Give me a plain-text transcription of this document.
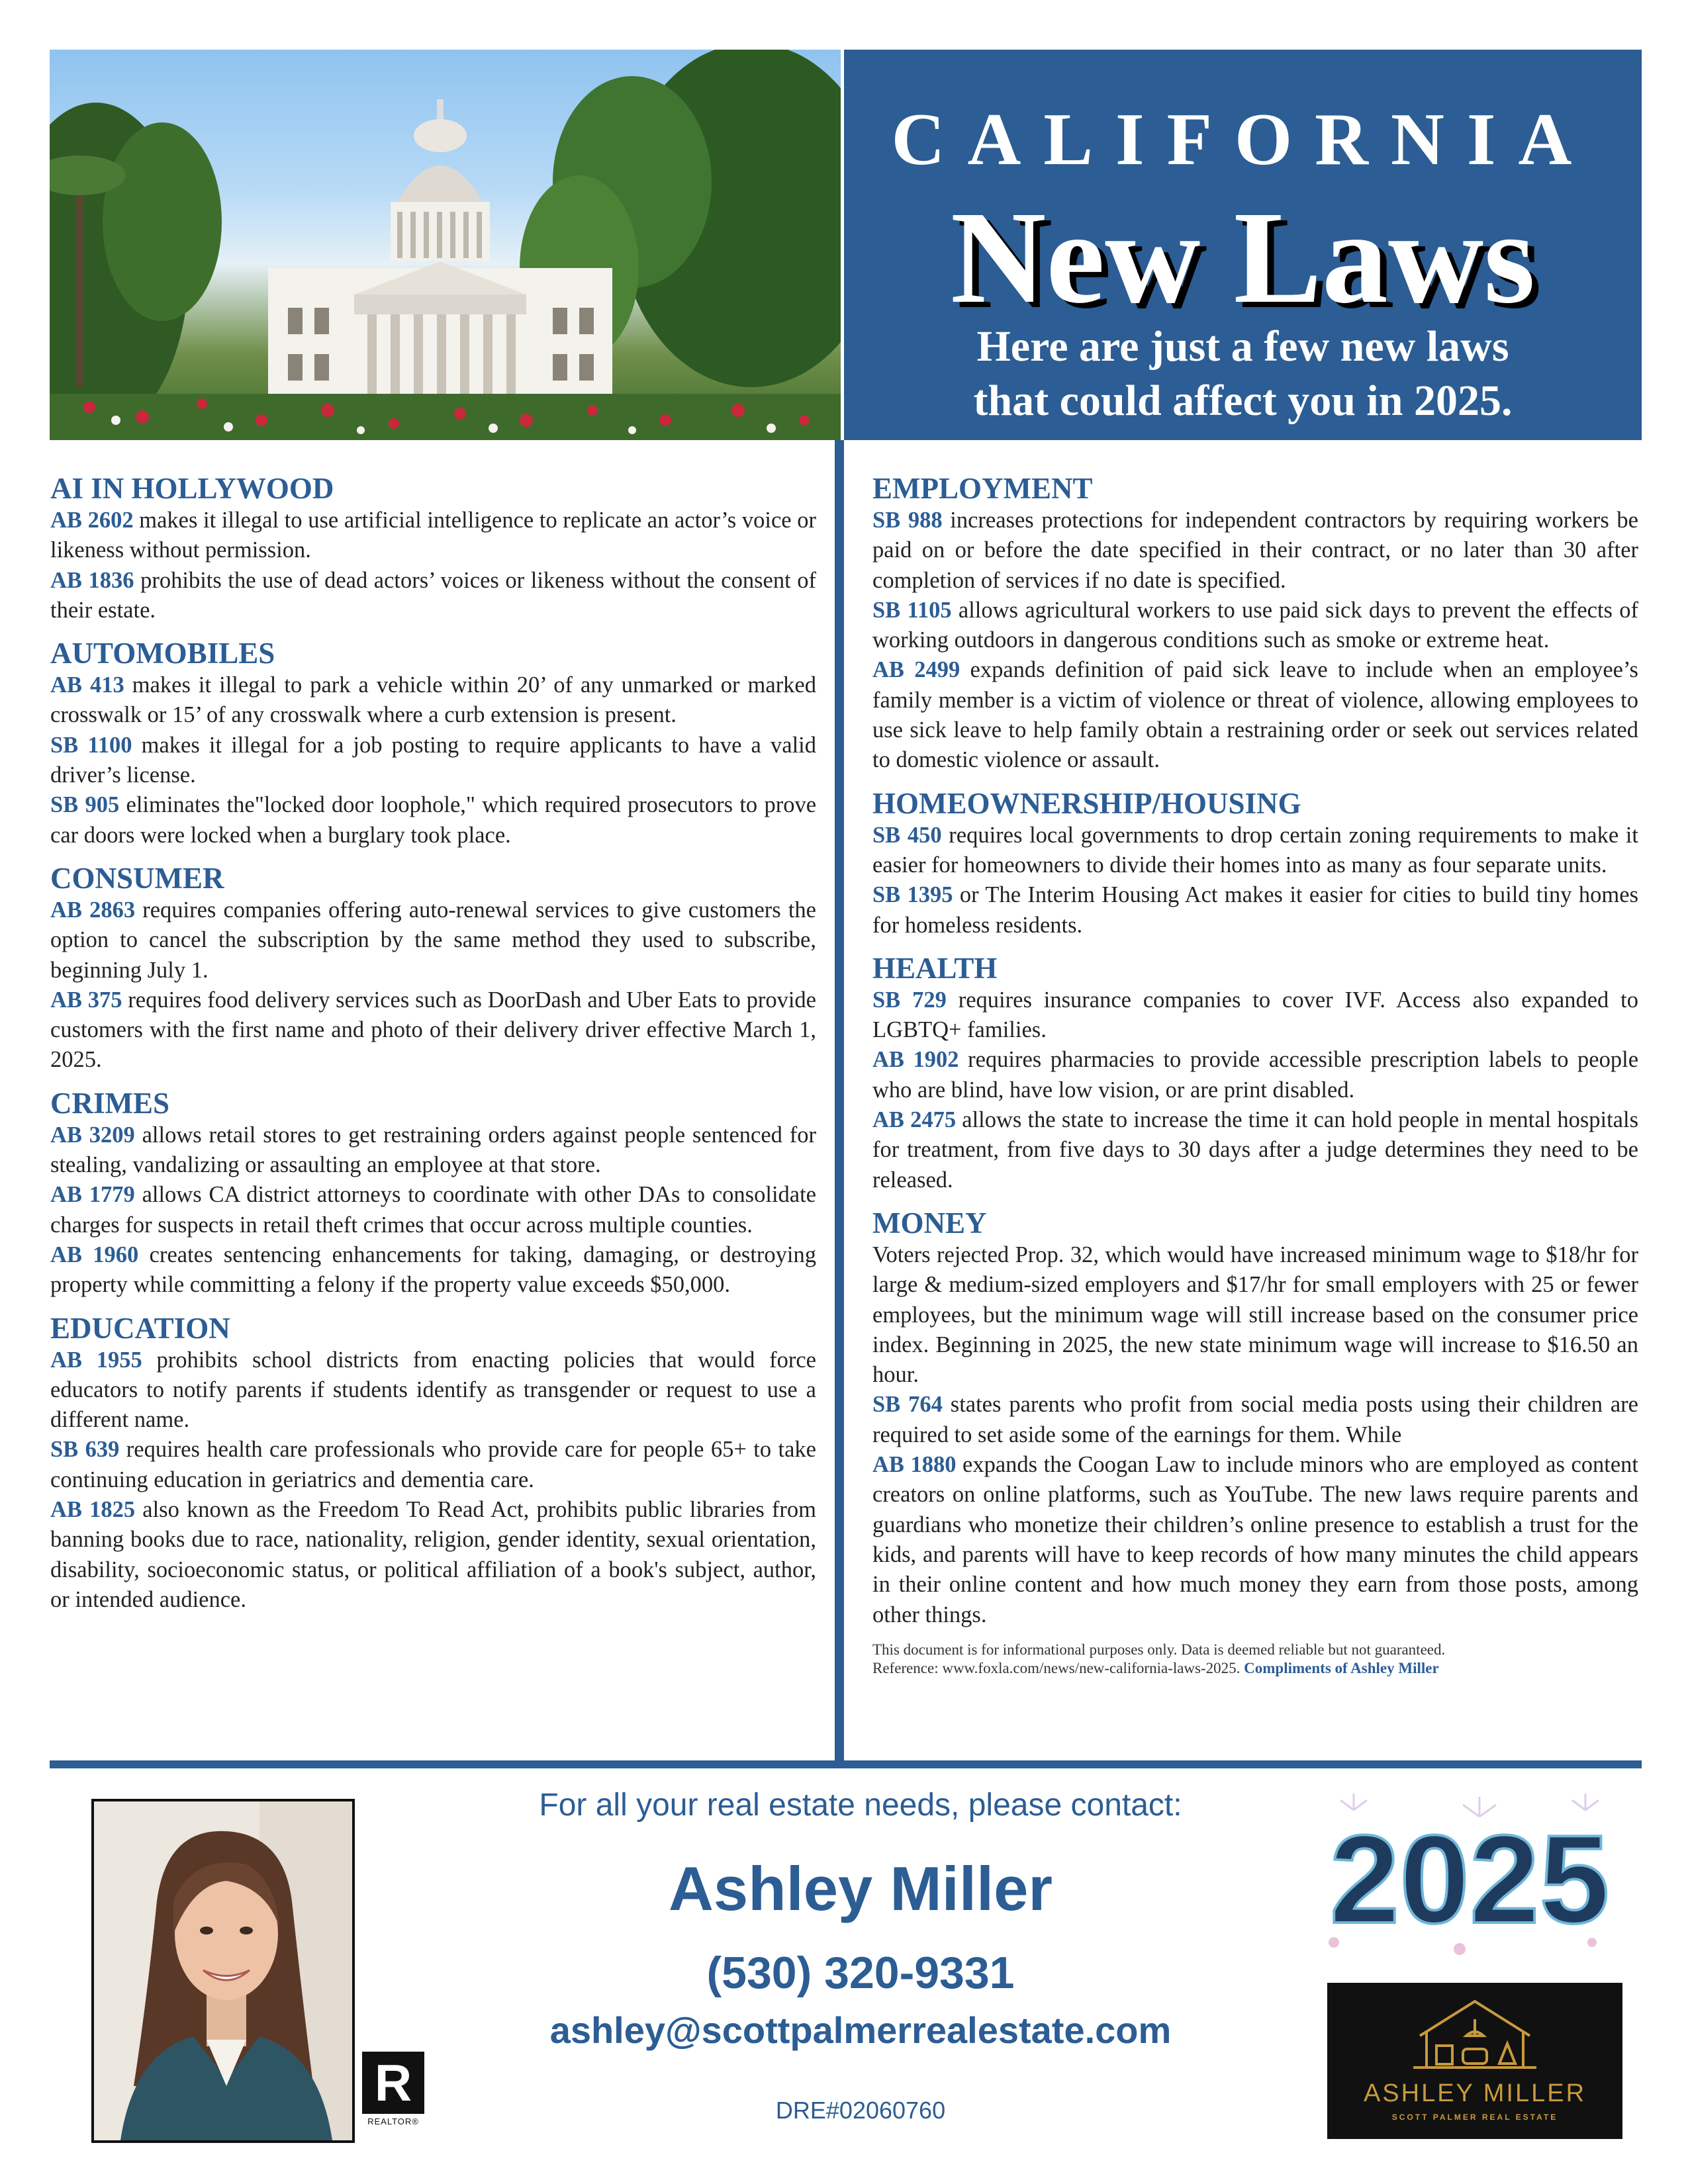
CALIFORNIA
New Laws
Here are just a few new laws
that could affect you in 2025.
AI IN HOLLYWOOD

AB 2602 makes it illegal to use artificial intelligence to replicate an actor’s voice or likeness without permission.

AB 1836 prohibits the use of dead actors’ voices or likeness without the consent of their estate.

AUTOMOBILES

AB 413 makes it illegal to park a vehicle within 20’ of any unmarked or marked crosswalk or 15’ of any crosswalk where a curb extension is present.

SB 1100 makes it illegal for a job posting to require applicants to have a valid driver’s license.

SB 905 eliminates the"locked door loophole," which required prosecutors to prove car doors were locked when a burglary took place.

CONSUMER

AB 2863 requires companies offering auto-renewal services to give customers the option to cancel the subscription by the same method they used to subscribe, beginning July 1.

AB 375 requires food delivery services such as DoorDash and Uber Eats to provide customers with the first name and photo of their delivery driver effective March 1, 2025.

CRIMES

AB 3209 allows retail stores to get restraining orders against people sentenced for stealing, vandalizing or assaulting an employee at that store.

AB 1779 allows CA district attorneys to coordinate with other DAs to consolidate charges for suspects in retail theft crimes that occur across multiple counties.

AB 1960 creates sentencing enhancements for taking, damaging, or destroying property while committing a felony if the property value exceeds $50,000.

EDUCATION

AB 1955 prohibits school districts from enacting policies that would force educators to notify parents if students identify as transgender or request to use a different name.

SB 639 requires health care professionals who provide care for people 65+ to take continuing education in geriatrics and dementia care.

AB 1825 also known as the Freedom To Read Act, prohibits public libraries from banning books due to race, nationality, religion, gender identity, sexual orientation, disability, socioeconomic status, or political affiliation of a book's subject, author, or intended audience.

EMPLOYMENT

SB 988 increases protections for independent contractors by requiring workers be paid on or before the date specified in their contract, or no later than 30 after completion of services if no date is specified.

SB 1105 allows agricultural workers to use paid sick days to prevent the effects of working outdoors in dangerous conditions such as smoke or extreme heat.

AB 2499 expands definition of paid sick leave to include when an employee’s family member is a victim of violence or threat of violence, allowing employees to use sick leave to help family obtain a restraining order or seek out services related to domestic violence or assault.

HOMEOWNERSHIP/HOUSING

SB 450 requires local governments to drop certain zoning requirements to make it easier for homeowners to divide their homes into as many as four separate units.

SB 1395 or The Interim Housing Act makes it easier for cities to build tiny homes for homeless residents.

HEALTH

SB 729 requires insurance companies to cover IVF. Access also expanded to LGBTQ+ families.

AB 1902 requires pharmacies to provide accessible prescription labels to people who are blind, have low vision, or are print disabled.

AB 2475 allows the state to increase the time it can hold people in mental hospitals for treatment, from five days to 30 days after a judge determines they need to be released.

MONEY

Voters rejected Prop. 32, which would have increased minimum wage to $18/hr for large & medium-sized employers and $17/hr for small employers with 25 or fewer employees, but the minimum wage will still increase based on the consumer price index. Beginning in 2025, the new state minimum wage will increase to $16.50 an hour.

SB 764 states parents who profit from social media posts using their children are required to set aside some of the earnings for them. While

AB 1880 expands the Coogan Law to include minors who are employed as content creators on online platforms, such as YouTube. The new laws require parents and guardians who monetize their children’s online presence to establish a trust for the kids, and parents will have to keep records of how many minutes the child appears in their online content and how much money they earn from those posts, among other things.

This document is for informational purposes only. Data is deemed reliable but not guaranteed.
Reference: www.foxla.com/news/new-california-laws-2025. Compliments of Ashley Miller
R
REALTOR®
For all your real estate needs, please contact:
Ashley Miller
(530) 320-9331
ashley@scottpalmerrealestate.com
DRE#02060760
2025
ASHLEY MILLER
SCOTT PALMER REAL ESTATE
